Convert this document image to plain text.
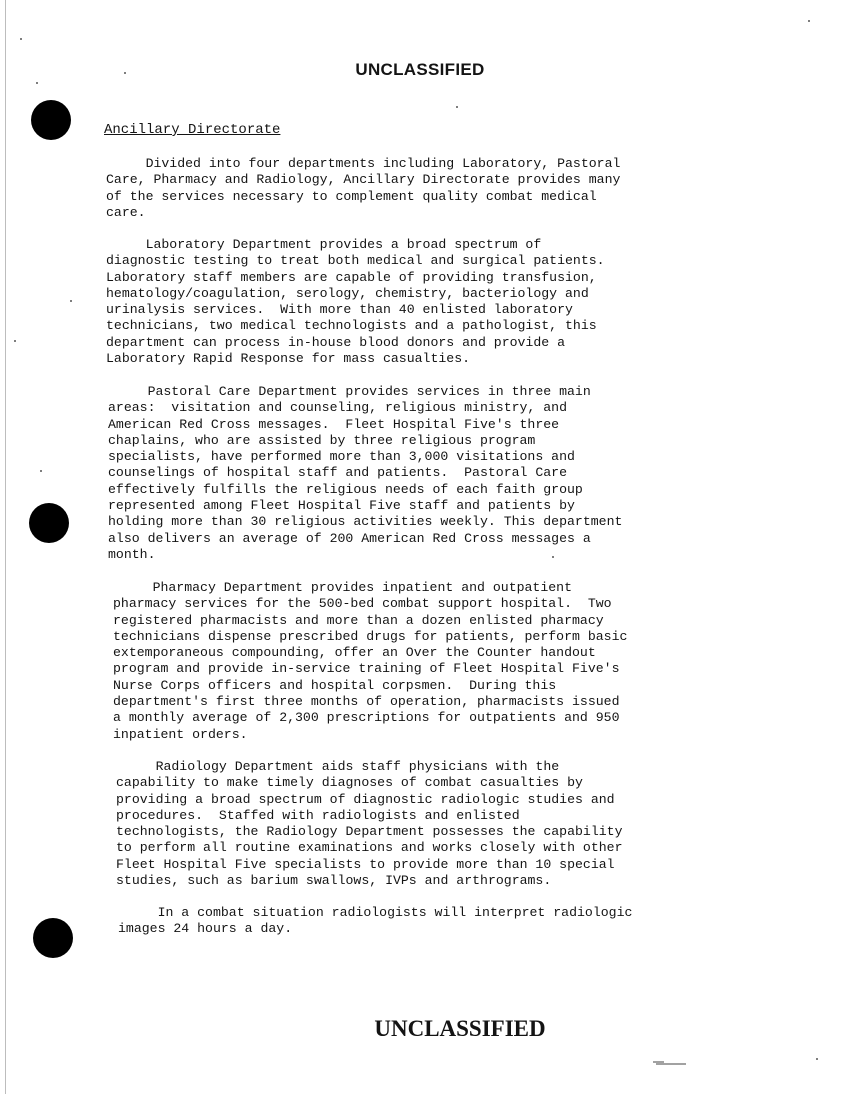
UNCLASSIFIED
Ancillary Directorate

Divided into four departments including Laboratory, Pastoral
Care, Pharmacy and Radiology, Ancillary Directorate provides many
of the services necessary to complement quality combat medical
care.

Laboratory Department provides a broad spectrum of
diagnostic testing to treat both medical and surgical patients.
Laboratory staff members are capable of providing transfusion,
hematology/coagulation, serology, chemistry, bacteriology and
urinalysis services.  With more than 40 enlisted laboratory
technicians, two medical technologists and a pathologist, this
department can process in-house blood donors and provide a
Laboratory Rapid Response for mass casualties.

Pastoral Care Department provides services in three main
areas:  visitation and counseling, religious ministry, and
American Red Cross messages.  Fleet Hospital Five's three
chaplains, who are assisted by three religious program
specialists, have performed more than 3,000 visitations and
counselings of hospital staff and patients.  Pastoral Care
effectively fulfills the religious needs of each faith group
represented among Fleet Hospital Five staff and patients by
holding more than 30 religious activities weekly. This department
also delivers an average of 200 American Red Cross messages a
month.

Pharmacy Department provides inpatient and outpatient
pharmacy services for the 500-bed combat support hospital.  Two
registered pharmacists and more than a dozen enlisted pharmacy
technicians dispense prescribed drugs for patients, perform basic
extemporaneous compounding, offer an Over the Counter handout
program and provide in-service training of Fleet Hospital Five's
Nurse Corps officers and hospital corpsmen.  During this
department's first three months of operation, pharmacists issued
a monthly average of 2,300 prescriptions for outpatients and 950
inpatient orders.

Radiology Department aids staff physicians with the
capability to make timely diagnoses of combat casualties by
providing a broad spectrum of diagnostic radiologic studies and
procedures.  Staffed with radiologists and enlisted
technologists, the Radiology Department possesses the capability
to perform all routine examinations and works closely with other
Fleet Hospital Five specialists to provide more than 10 special
studies, such as barium swallows, IVPs and arthrograms.

In a combat situation radiologists will interpret radiologic
images 24 hours a day.

UNCLASSIFIED
